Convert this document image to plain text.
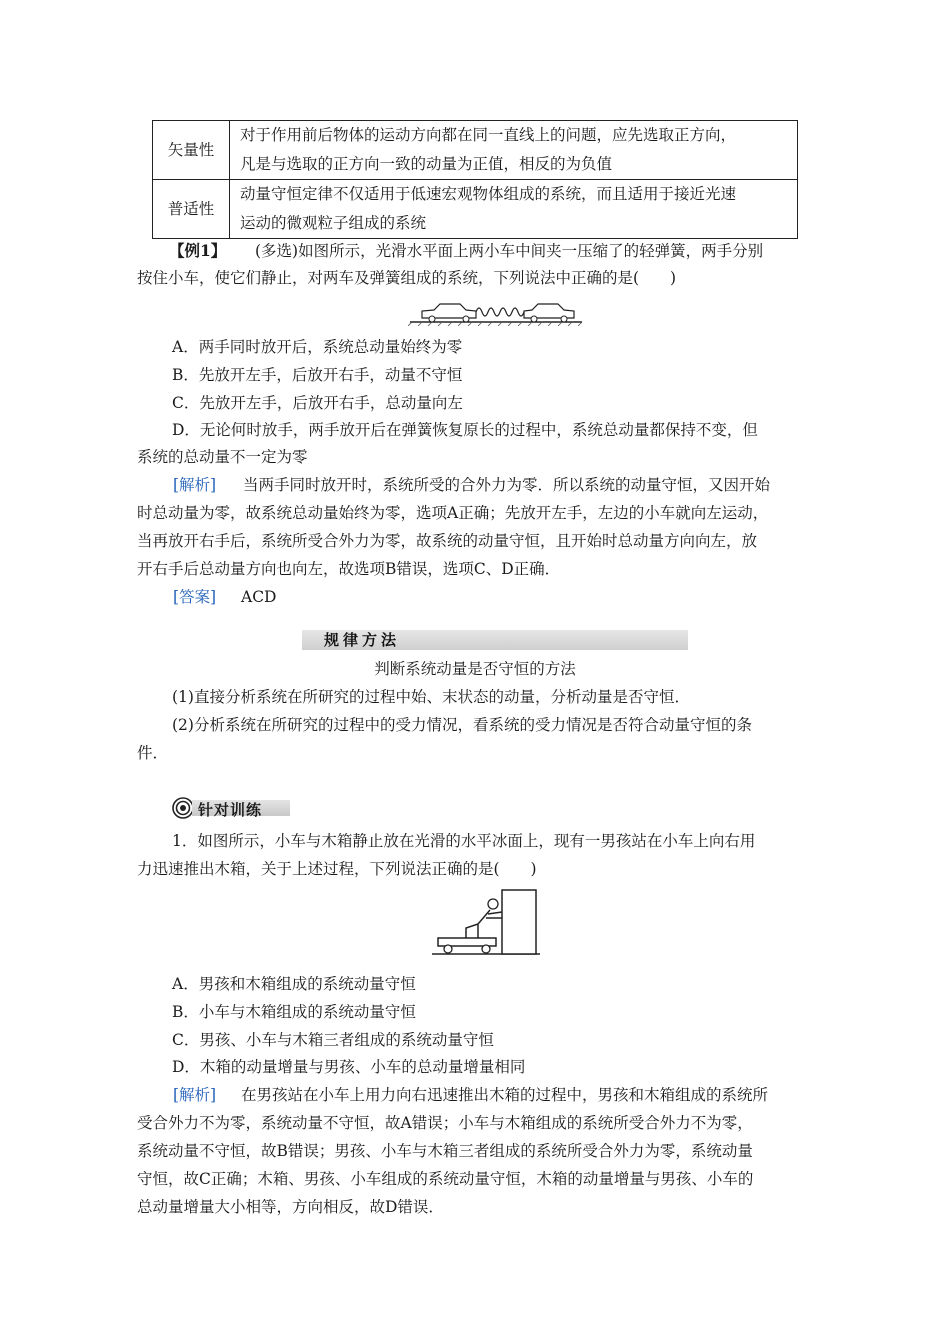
矢量性	对于作用前后物体的运动方向都在同一直线上的问题，应先选取正方向，
凡是与选取的正方向一致的动量为正值，相反的为负值

普适性	动量守恒定律不仅适用于低速宏观物体组成的系统，而且适用于接近光速
运动的微观粒子组成的系统
【例1】 (多选)如图所示，光滑水平面上两小车中间夹一压缩了的轻弹簧，两手分别
按住小车，使它们静止，对两车及弹簧组成的系统，下列说法中正确的是(　　)
A．两手同时放开后，系统总动量始终为零
B．先放开左手，后放开右手，动量不守恒
C．先放开左手，后放开右手，总动量向左
D．无论何时放手，两手放开后在弹簧恢复原长的过程中，系统总动量都保持不变，但
系统的总动量不一定为零
[解析] 当两手同时放开时，系统所受的合外力为零．所以系统的动量守恒，又因开始
时总动量为零，故系统总动量始终为零，选项A正确；先放开左手，左边的小车就向左运动，
当再放开右手后，系统所受合外力为零，故系统的动量守恒，且开始时总动量方向向左，放
开右手后总动量方向也向左，故选项B错误，选项C、D正确．
[答案] ACD
规律方法
判断系统动量是否守恒的方法
(1)直接分析系统在所研究的过程中始、末状态的动量，分析动量是否守恒．
(2)分析系统在所研究的过程中的受力情况，看系统的受力情况是否符合动量守恒的条
件．
针对训练
1．如图所示，小车与木箱静止放在光滑的水平冰面上，现有一男孩站在小车上向右用
力迅速推出木箱，关于上述过程，下列说法正确的是(　　)
A．男孩和木箱组成的系统动量守恒
B．小车与木箱组成的系统动量守恒
C．男孩、小车与木箱三者组成的系统动量守恒
D．木箱的动量增量与男孩、小车的总动量增量相同
[解析] 在男孩站在小车上用力向右迅速推出木箱的过程中，男孩和木箱组成的系统所
受合外力不为零，系统动量不守恒，故A错误；小车与木箱组成的系统所受合外力不为零，
系统动量不守恒，故B错误；男孩、小车与木箱三者组成的系统所受合外力为零，系统动量
守恒，故C正确；木箱、男孩、小车组成的系统动量守恒，木箱的动量增量与男孩、小车的
总动量增量大小相等，方向相反，故D错误．
